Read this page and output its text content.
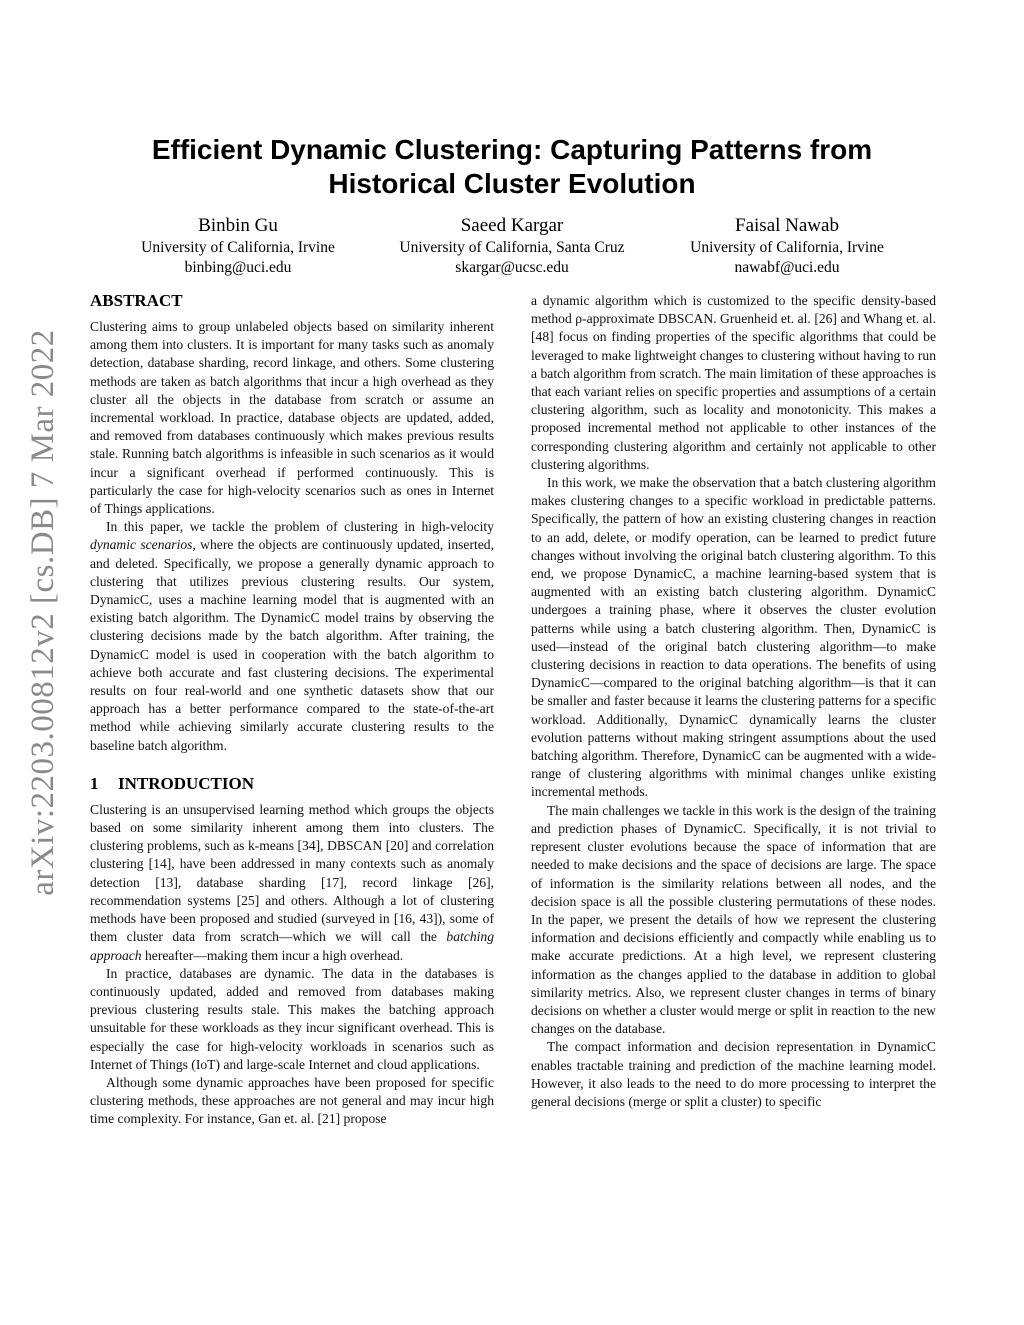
arXiv:2203.00812v2 [cs.DB] 7 Mar 2022
Efficient Dynamic Clustering: Capturing Patterns from
Historical Cluster Evolution
Binbin Gu
University of California, Irvine
binbing@uci.edu
Saeed Kargar
University of California, Santa Cruz
skargar@ucsc.edu
Faisal Nawab
University of California, Irvine
nawabf@uci.edu
ABSTRACT

Clustering aims to group unlabeled objects based on similarity inherent among them into clusters. It is important for many tasks such as anomaly detection, database sharding, record linkage, and others. Some clustering methods are taken as batch algorithms that incur a high overhead as they cluster all the objects in the database from scratch or assume an incremental workload. In practice, database objects are updated, added, and removed from databases continuously which makes previous results stale. Running batch algorithms is infeasible in such scenarios as it would incur a significant overhead if performed continuously. This is particularly the case for high-velocity scenarios such as ones in Internet of Things applications.

In this paper, we tackle the problem of clustering in high-velocity dynamic scenarios, where the objects are continuously updated, inserted, and deleted. Specifically, we propose a generally dynamic approach to clustering that utilizes previous clustering results. Our system, DynamicC, uses a machine learning model that is augmented with an existing batch algorithm. The DynamicC model trains by observing the clustering decisions made by the batch algorithm. After training, the DynamicC model is used in cooperation with the batch algorithm to achieve both accurate and fast clustering decisions. The experimental results on four real-world and one synthetic datasets show that our approach has a better performance compared to the state-of-the-art method while achieving similarly accurate clustering results to the baseline batch algorithm.

1 INTRODUCTION

Clustering is an unsupervised learning method which groups the objects based on some similarity inherent among them into clusters. The clustering problems, such as k-means [34], DBSCAN [20] and correlation clustering [14], have been addressed in many contexts such as anomaly detection [13], database sharding [17], record linkage [26], recommendation systems [25] and others. Although a lot of clustering methods have been proposed and studied (surveyed in [16, 43]), some of them cluster data from scratch—which we will call the batching approach hereafter—making them incur a high overhead.

In practice, databases are dynamic. The data in the databases is continuously updated, added and removed from databases making previous clustering results stale. This makes the batching approach unsuitable for these workloads as they incur significant overhead. This is especially the case for high-velocity workloads in scenarios such as Internet of Things (IoT) and large-scale Internet and cloud applications.

Although some dynamic approaches have been proposed for specific clustering methods, these approaches are not general and may incur high time complexity. For instance, Gan et. al. [21] propose

a dynamic algorithm which is customized to the specific density-based method ρ-approximate DBSCAN. Gruenheid et. al. [26] and Whang et. al. [48] focus on finding properties of the specific algorithms that could be leveraged to make lightweight changes to clustering without having to run a batch algorithm from scratch. The main limitation of these approaches is that each variant relies on specific properties and assumptions of a certain clustering algorithm, such as locality and monotonicity. This makes a proposed incremental method not applicable to other instances of the corresponding clustering algorithm and certainly not applicable to other clustering algorithms.

In this work, we make the observation that a batch clustering algorithm makes clustering changes to a specific workload in predictable patterns. Specifically, the pattern of how an existing clustering changes in reaction to an add, delete, or modify operation, can be learned to predict future changes without involving the original batch clustering algorithm. To this end, we propose DynamicC, a machine learning-based system that is augmented with an existing batch clustering algorithm. DynamicC undergoes a training phase, where it observes the cluster evolution patterns while using a batch clustering algorithm. Then, DynamicC is used—instead of the original batch clustering algorithm—to make clustering decisions in reaction to data operations. The benefits of using DynamicC—compared to the original batching algorithm—is that it can be smaller and faster because it learns the clustering patterns for a specific workload. Additionally, DynamicC dynamically learns the cluster evolution patterns without making stringent assumptions about the used batching algorithm. Therefore, DynamicC can be augmented with a wide-range of clustering algorithms with minimal changes unlike existing incremental methods.

The main challenges we tackle in this work is the design of the training and prediction phases of DynamicC. Specifically, it is not trivial to represent cluster evolutions because the space of information that are needed to make decisions and the space of decisions are large. The space of information is the similarity relations between all nodes, and the decision space is all the possible clustering permutations of these nodes. In the paper, we present the details of how we represent the clustering information and decisions efficiently and compactly while enabling us to make accurate predictions. At a high level, we represent clustering information as the changes applied to the database in addition to global similarity metrics. Also, we represent cluster changes in terms of binary decisions on whether a cluster would merge or split in reaction to the new changes on the database.

The compact information and decision representation in DynamicC enables tractable training and prediction of the machine learning model. However, it also leads to the need to do more processing to interpret the general decisions (merge or split a cluster) to specific
